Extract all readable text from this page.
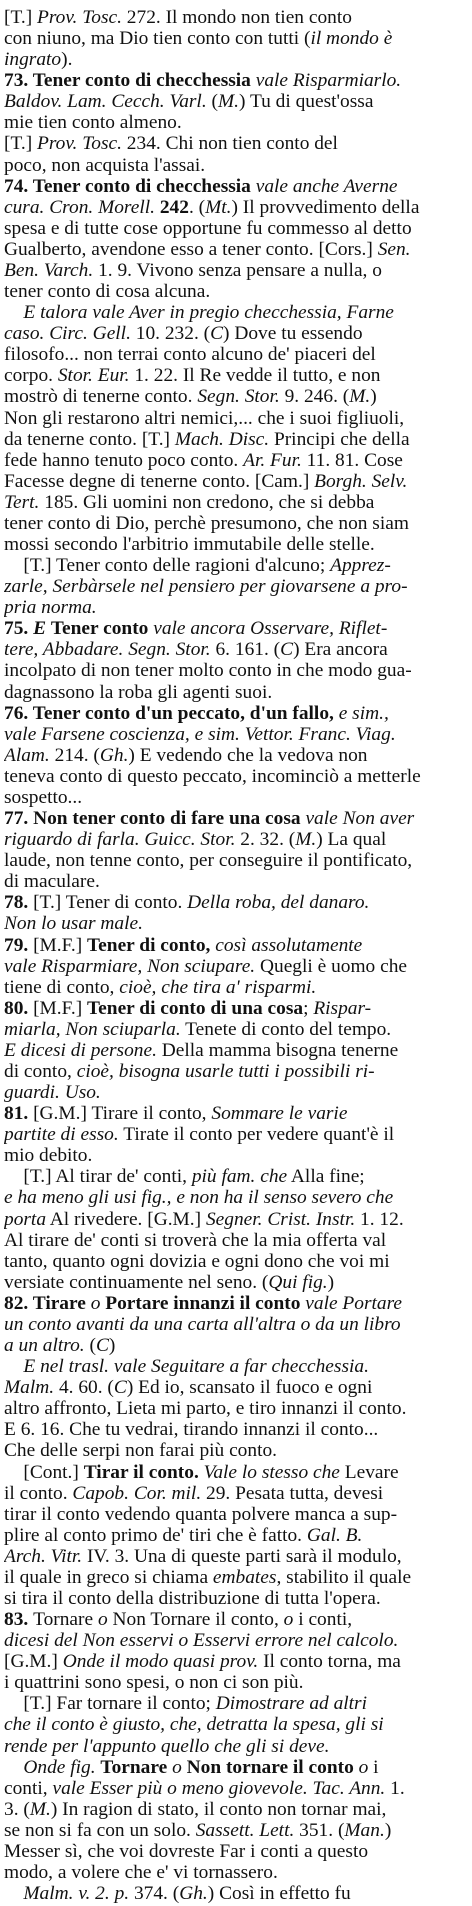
[T.] Prov. Tosc. 272. Il mondo non tien conto
con niuno, ma Dio tien conto con tutti (il mondo è
ingrato).
73. Tener conto di checchessia vale Risparmiarlo.
Baldov. Lam. Cecch. Varl. (M.) Tu di quest'ossa
mie tien conto almeno.
[T.] Prov. Tosc. 234. Chi non tien conto del
poco, non acquista l'assai.
74. Tener conto di checchessia vale anche Averne
cura. Cron. Morell. 242. (Mt.) Il provvedimento della
spesa e di tutte cose opportune fu commesso al detto
Gualberto, avendone esso a tener conto. [Cors.] Sen.
Ben. Varch. 1. 9. Vivono senza pensare a nulla, o
tener conto di cosa alcuna.
E talora vale Aver in pregio checchessia, Farne
caso. Circ. Gell. 10. 232. (C) Dove tu essendo
filosofo... non terrai conto alcuno de' piaceri del
corpo. Stor. Eur. 1. 22. Il Re vedde il tutto, e non
mostrò di tenerne conto. Segn. Stor. 9. 246. (M.)
Non gli restarono altri nemici,... che i suoi figliuoli,
da tenerne conto. [T.] Mach. Disc. Principi che della
fede hanno tenuto poco conto. Ar. Fur. 11. 81. Cose
Facesse degne di tenerne conto. [Cam.] Borgh. Selv.
Tert. 185. Gli uomini non credono, che si debba
tener conto di Dio, perchè presumono, che non siam
mossi secondo l'arbitrio immutabile delle stelle.
[T.] Tener conto delle ragioni d'alcuno; Apprez-
zarle, Serbàrsele nel pensiero per giovarsene a pro-
pria norma.
75. E Tener conto vale ancora Osservare, Riflet-
tere, Abbadare. Segn. Stor. 6. 161. (C) Era ancora
incolpato di non tener molto conto in che modo gua-
dagnassono la roba gli agenti suoi.
76. Tener conto d'un peccato, d'un fallo, e sim.,
vale Farsene coscienza, e sim. Vettor. Franc. Viag.
Alam. 214. (Gh.) E vedendo che la vedova non
teneva conto di questo peccato, incominciò a metterle
sospetto...
77. Non tener conto di fare una cosa vale Non aver
riguardo di farla. Guicc. Stor. 2. 32. (M.) La qual
laude, non tenne conto, per conseguire il pontificato,
di macularе.
78. [T.] Tener di conto. Della roba, del danaro.
Non lo usar male.
79. [M.F.] Tener di conto, così assolutamente
vale Risparmiare, Non sciupare. Quegli è uomo che
tiene di conto, cioè, che tira a' risparmi.
80. [M.F.] Tener di conto di una cosa; Rispar-
miarla, Non sciuparla. Tenete di conto del tempo.
E dicesi di persone. Della mamma bisogna tenerne
di conto, cioè, bisogna usarle tutti i possibili ri-
guardi. Uso.
81. [G.M.] Tirare il conto, Sommare le varie
partite di esso. Tirate il conto per vedere quant'è il
mio debito.
[T.] Al tirar de' conti, più fam. che Alla fine;
e ha meno gli usi fig., e non ha il senso severo che
porta Al rivedere. [G.M.] Segner. Crist. Instr. 1. 12.
Al tirare de' conti si troverà che la mia offerta val
tanto, quanto ogni dovizia e ogni dono che voi mi
versiate continuamente nel seno. (Qui fig.)
82. Tirare o Portare innanzi il conto vale Portare
un conto avanti da una carta all'altra o da un libro
a un altro. (C)
E nel trasl. vale Seguitare a far checchessia.
Malm. 4. 60. (C) Ed io, scansato il fuoco e ogni
altro affronto, Lieta mi parto, e tiro innanzi il conto.
E 6. 16. Che tu vedrai, tirando innanzi il conto...
Che delle serpi non farai più conto.
[Cont.] Tirar il conto. Vale lo stesso che Levare
il conto. Capob. Cor. mil. 29. Pesata tutta, devesi
tirar il conto vedendo quanta polvere manca a sup-
plire al conto primo de' tiri che è fatto. Gal. B.
Arch. Vitr. IV. 3. Una di queste parti sarà il modulo,
il quale in greco si chiama embates, stabilito il quale
si tira il conto della distribuzione di tutta l'opera.
83. Tornare o Non Tornare il conto, o i conti,
dicesi del Non esservi o Esservi errore nel calcolo.
[G.M.] Onde il modo quasi prov. Il conto torna, ma
i quattrini sono spesi, o non ci son più.
[T.] Far tornare il conto; Dimostrare ad altri
che il conto è giusto, che, detratta la spesa, gli si
rende per l'appunto quello che gli si deve.
Onde fig. Tornare o Non tornare il conto o i
conti, vale Esser più o meno giovevole. Tac. Ann. 1.
3. (M.) In ragion di stato, il conto non tornar mai,
se non si fa con un solo. Sassett. Lett. 351. (Man.)
Messer sì, che voi dovreste Far i conti a questo
modo, a volere che e' vi tornassero.
Malm. v. 2. p. 374. (Gh.) Così in effetto fu
